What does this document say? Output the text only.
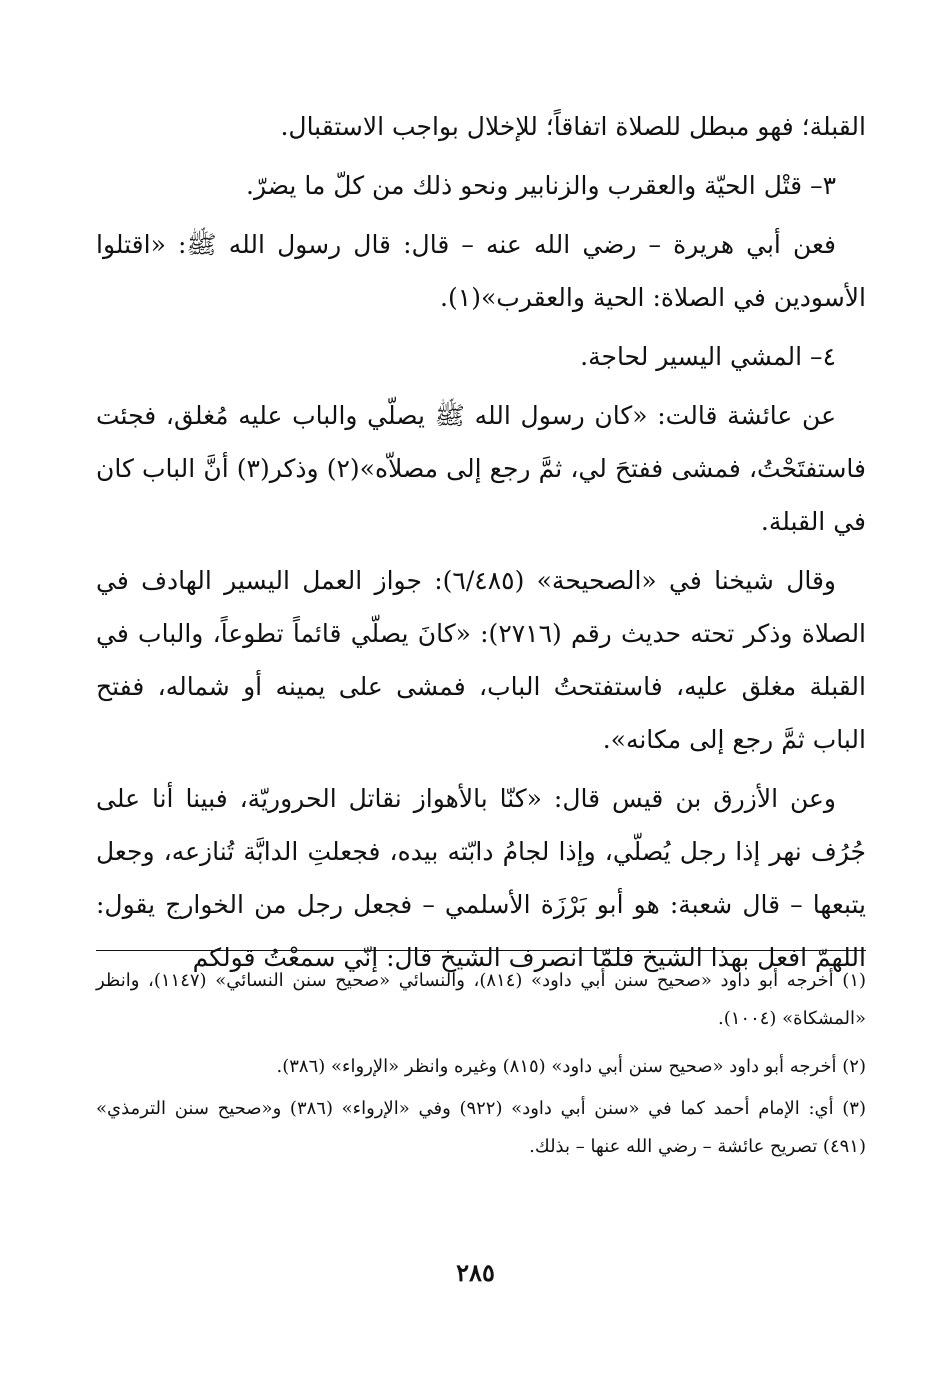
القبلة؛ فهو مبطل للصلاة اتفاقاً؛ للإخلال بواجب الاستقبال.

٣– قتْل الحيّة والعقرب والزنابير ونحو ذلك من كلّ ما يضرّ.

فعن أبي هريرة – رضي الله عنه – قال: قال رسول الله ﷺ: «اقتلوا الأسودين في الصلاة: الحية والعقرب»(١).

٤– المشي اليسير لحاجة.

عن عائشة قالت: «كان رسول الله ﷺ يصلّي والباب عليه مُغلق، فجئت فاستفتَحْتُ، فمشى ففتحَ لي، ثمَّ رجع إلى مصلاّه»(٢) وذكر(٣) أنَّ الباب كان في القبلة.

وقال شيخنا في «الصحيحة» (٦/٤٨٥): جواز العمل اليسير الهادف في الصلاة وذكر تحته حديث رقم (٢٧١٦): «كانَ يصلّي قائماً تطوعاً، والباب في القبلة مغلق عليه، فاستفتحتُ الباب، فمشى على يمينه أو شماله، ففتح الباب ثمَّ رجع إلى مكانه».

وعن الأزرق بن قيس قال: «كنّا بالأهواز نقاتل الحروريّة، فبينا أنا على جُرُف نهر إذا رجل يُصلّي، وإذا لجامُ دابّته بيده، فجعلتِ الدابَّة تُنازعه، وجعل يتبعها – قال شعبة: هو أبو بَرْزَة الأسلمي – فجعل رجل من الخوارج يقول: اللهمّ افعل بهذا الشيخ فلمّا انصرف الشيخ قال: إنّي سمعْتُ قولكم

(١) أخرجه أبو داود «صحيح سنن أبي داود» (٨١٤)، والنسائي «صحيح سنن النسائي» (١١٤٧)، وانظر «المشكاة» (١٠٠٤).

(٢) أخرجه أبو داود «صحيح سنن أبي داود» (٨١٥) وغيره وانظر «الإرواء» (٣٨٦).

(٣) أي: الإمام أحمد كما في «سنن أبي داود» (٩٢٢) وفي «الإرواء» (٣٨٦) و«صحيح سنن الترمذي» (٤٩١) تصريح عائشة – رضي الله عنها – بذلك.

٢٨٥
